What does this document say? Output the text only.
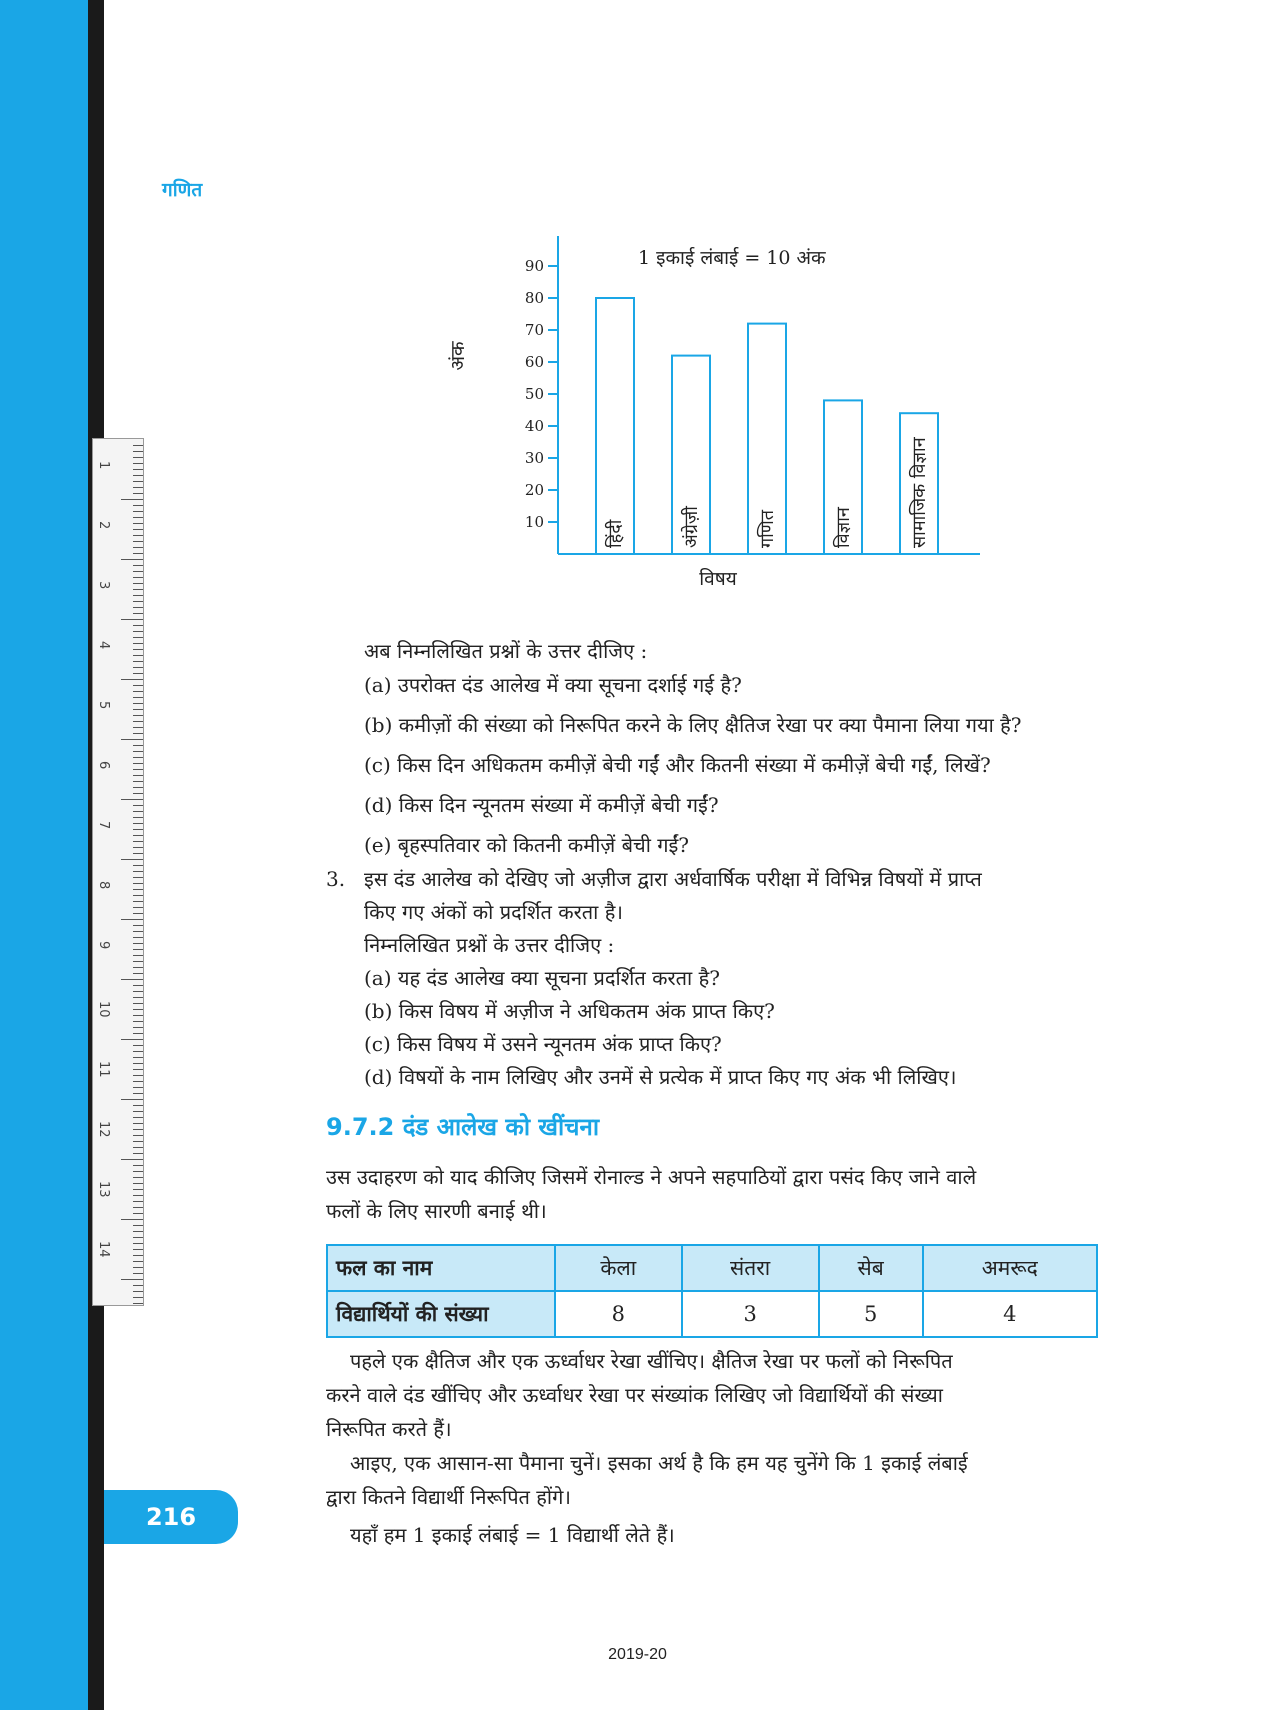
1
2
3
4
5
6
7
8
9
10
11
12
13
14
गणित
10
20
30
40
50
60
70
80
90
हिंदी	अंग्रेज़ी	गणित	विज्ञान	सामाजिक विज्ञान
अंक
विषय
1 इकाई लंबाई = 10 अंक
अब निम्नलिखित प्रश्नों के उत्तर दीजिए :
(a) उपरोक्त दंड आलेख में क्या सूचना दर्शाई गई है?
(b) कमीज़ों की संख्या को निरूपित करने के लिए क्षैतिज रेखा पर क्या पैमाना लिया गया है?
(c) किस दिन अधिकतम कमीज़ें बेची गईं और कितनी संख्या में कमीज़ें बेची गईं, लिखें?
(d) किस दिन न्यूनतम संख्या में कमीज़ें बेची गईं?
(e) बृहस्पतिवार को कितनी कमीज़ें बेची गईं?
3. इस दंड आलेख को देखिए जो अज़ीज द्वारा अर्धवार्षिक परीक्षा में विभिन्न विषयों में प्राप्त
किए गए अंकों को प्रदर्शित करता है।
निम्नलिखित प्रश्नों के उत्तर दीजिए :
(a) यह दंड आलेख क्या सूचना प्रदर्शित करता है?
(b) किस विषय में अज़ीज ने अधिकतम अंक प्राप्त किए?
(c) किस विषय में उसने न्यूनतम अंक प्राप्त किए?
(d) विषयों के नाम लिखिए और उनमें से प्रत्येक में प्राप्त किए गए अंक भी लिखिए।
9.7.2 दंड आलेख को खींचना
उस उदाहरण को याद कीजिए जिसमें रोनाल्ड ने अपने सहपाठियों द्वारा पसंद किए जाने वाले
फलों के लिए सारणी बनाई थी।
फल का नाम	केला	संतरा	सेब	अमरूद
विद्यार्थियों की संख्या	8	3	5	4
पहले एक क्षैतिज और एक ऊर्ध्वाधर रेखा खींचिए। क्षैतिज रेखा पर फलों को निरूपित
करने वाले दंड खींचिए और ऊर्ध्वाधर रेखा पर संख्यांक लिखिए जो विद्यार्थियों की संख्या
निरूपित करते हैं।
आइए, एक आसान-सा पैमाना चुनें। इसका अर्थ है कि हम यह चुनेंगे कि 1 इकाई लंबाई
द्वारा कितने विद्यार्थी निरूपित होंगे।
यहाँ हम 1 इकाई लंबाई = 1 विद्यार्थी लेते हैं।
216
2019-20
